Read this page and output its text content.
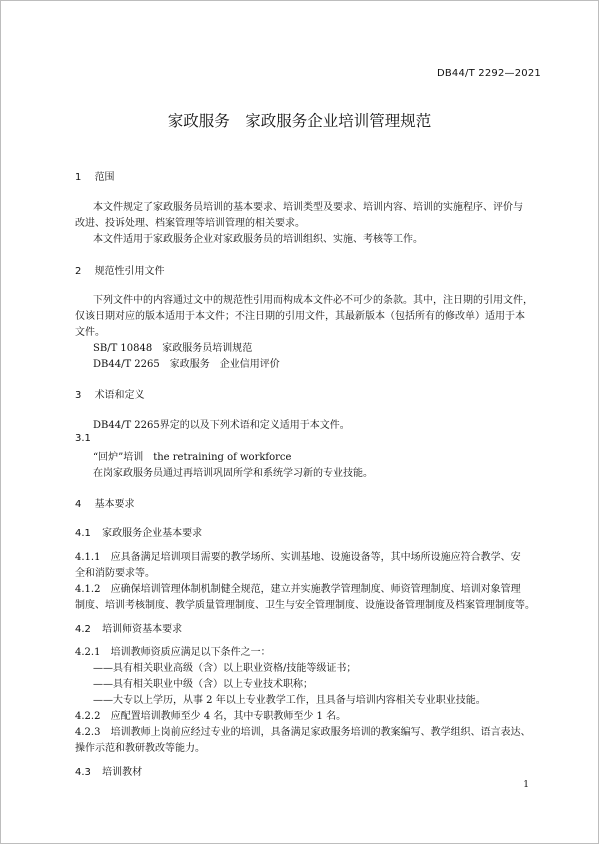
DB44/T 2292—2021
家政服务　家政服务企业培训管理规范
1 范围
本文件规定了家政服务员培训的基本要求、培训类型及要求、培训内容、培训的实施程序、评价与
改进、投诉处理、档案管理等培训管理的相关要求。
本文件适用于家政服务企业对家政服务员的培训组织、实施、考核等工作。
2 规范性引用文件
下列文件中的内容通过文中的规范性引用而构成本文件必不可少的条款。其中，注日期的引用文件，
仅该日期对应的版本适用于本文件；不注日期的引用文件，其最新版本（包括所有的修改单）适用于本
文件。
SB/T 10848　家政服务员培训规范
DB44/T 2265　家政服务　企业信用评价
3 术语和定义
DB44/T 2265界定的以及下列术语和定义适用于本文件。
3.1
“回炉”培训　the retraining of workforce
在岗家政服务员通过再培训巩固所学和系统学习新的专业技能。
4 基本要求
4.1 家政服务企业基本要求
4.1.1 应具备满足培训项目需要的教学场所、实训基地、设施设备等，其中场所设施应符合教学、安
全和消防要求等。
4.1.2 应确保培训管理体制机制健全规范，建立并实施教学管理制度、师资管理制度、培训对象管理
制度、培训考核制度、教学质量管理制度、卫生与安全管理制度、设施设备管理制度及档案管理制度等。
4.2 培训师资基本要求
4.2.1 培训教师资质应满足以下条件之一：
——具有相关职业高级（含）以上职业资格/技能等级证书；
——具有相关职业中级（含）以上专业技术职称；
——大专以上学历，从事 2 年以上专业教学工作，且具备与培训内容相关专业职业技能。
4.2.2 应配置培训教师至少 4 名，其中专职教师至少 1 名。
4.2.3 培训教师上岗前应经过专业的培训，具备满足家政服务培训的教案编写、教学组织、语言表达、
操作示范和教研教改等能力。
4.3 培训教材
1
